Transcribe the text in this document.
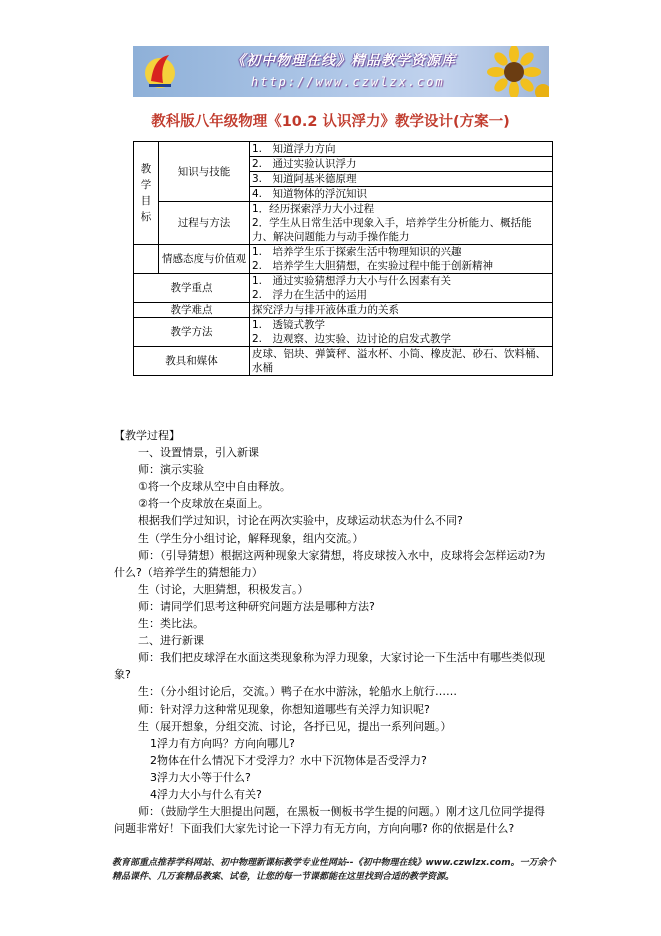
《初中物理在线》精品教学资源库
http://www.czwlzx.com
教科版八年级物理《10.2 认识浮力》教学设计(方案一)
教
学
目
标	知识与技能	1.　知道浮力方向
		2.　通过实验认识浮力
		3.　知道阿基米德原理
		4.　知道物体的浮沉知识
	过程与方法	1．经历探索浮力大小过程
2．学生从日常生活中现象入手，培养学生分析能力、概括能力、解决问题能力与动手操作能力

	情感态度与价值观	1.　培养学生乐于探索生活中物理知识的兴趣
2.　培养学生大胆猜想，在实验过程中能于创新精神

教学重点		1.　通过实验猜想浮力大小与什么因素有关
2.　浮力在生活中的运用

教学难点		探究浮力与排开液体重力的关系
教学方法		1.　透镜式教学
2.　边观察、边实验、边讨论的启发式教学

教具和媒体		皮球、铝块、弹簧秤、溢水杯、小筒、橡皮泥、砂石、饮料桶、水桶

【教学过程】

一、设置情景，引入新课

师：演示实验

①将一个皮球从空中自由释放。

②将一个皮球放在桌面上。

根据我们学过知识，讨论在两次实验中，皮球运动状态为什么不同?

生（学生分小组讨论，解释现象，组内交流。）

师：（引导猜想）根据这两种现象大家猜想，将皮球按入水中，皮球将会怎样运动?为什么?（培养学生的猜想能力）

生（讨论，大胆猜想，积极发言。）

师：请同学们思考这种研究问题方法是哪种方法?

生：类比法。

二、进行新课

师：我们把皮球浮在水面这类现象称为浮力现象，大家讨论一下生活中有哪些类似现象?

生：（分小组讨论后，交流。）鸭子在水中游泳，轮船水上航行……

师：针对浮力这种常见现象，你想知道哪些有关浮力知识呢?

生（展开想象，分组交流、讨论，各抒已见，提出一系列问题。）

1浮力有方向吗？方向向哪儿?

2物体在什么情况下才受浮力？水中下沉物体是否受浮力?

3浮力大小等于什么?

4浮力大小与什么有关?

师：（鼓励学生大胆提出问题，在黑板一侧板书学生提的问题。）刚才这几位同学提得问题非常好！下面我们大家先讨论一下浮力有无方向，方向向哪? 你的依据是什么?

教育部重点推荐学科网站、初中物理新课标教学专业性网站--《初中物理在线》www.czwlzx.com。一万余个精品课件、几万套精品教案、试卷，让您的每一节课都能在这里找到合适的教学资源。
